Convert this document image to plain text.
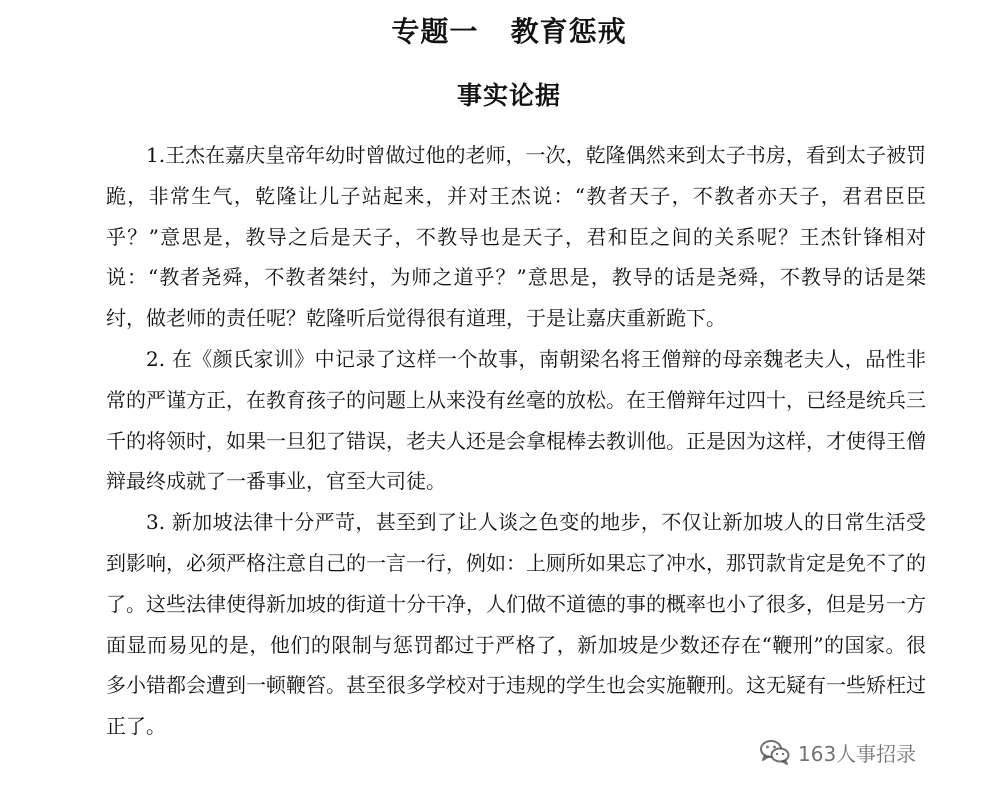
专题一   教育惩戒
事实论据

1.王杰在嘉庆皇帝年幼时曾做过他的老师，一次，乾隆偶然来到太子书房，看到太子被罚跪，非常生气，乾隆让儿子站起来，并对王杰说：“教者天子，不教者亦天子，君君臣臣乎？”意思是，教导之后是天子，不教导也是天子，君和臣之间的关系呢？王杰针锋相对说：“教者尧舜，不教者桀纣，为师之道乎？”意思是，教导的话是尧舜，不教导的话是桀纣，做老师的责任呢？乾隆听后觉得很有道理，于是让嘉庆重新跪下。

2. 在《颜氏家训》中记录了这样一个故事，南朝梁名将王僧辩的母亲魏老夫人，品性非常的严谨方正，在教育孩子的问题上从来没有丝毫的放松。在王僧辩年过四十，已经是统兵三千的将领时，如果一旦犯了错误，老夫人还是会拿棍棒去教训他。正是因为这样，才使得王僧辩最终成就了一番事业，官至大司徒。

3. 新加坡法律十分严苛，甚至到了让人谈之色变的地步，不仅让新加坡人的日常生活受到影响，必须严格注意自己的一言一行，例如：上厕所如果忘了冲水，那罚款肯定是免不了的了。这些法律使得新加坡的街道十分干净，人们做不道德的事的概率也小了很多，但是另一方面显而易见的是，他们的限制与惩罚都过于严格了，新加坡是少数还存在“鞭刑”的国家。很多小错都会遭到一顿鞭笞。甚至很多学校对于违规的学生也会实施鞭刑。这无疑有一些矫枉过正了。

163人事招录
